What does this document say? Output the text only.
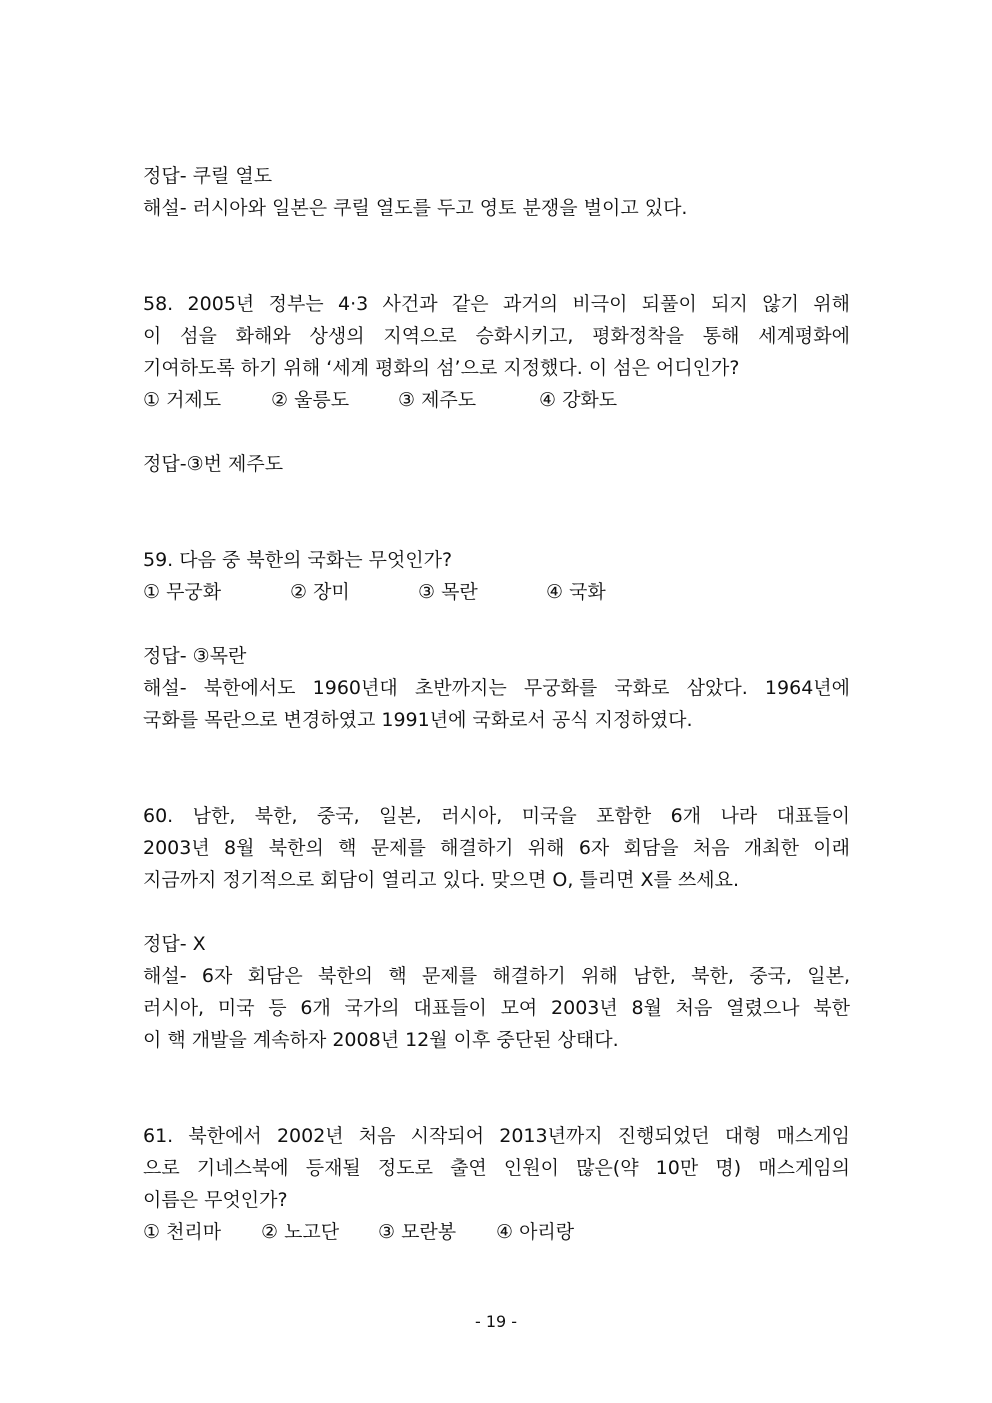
정답- 쿠릴 열도
해설- 러시아와 일본은 쿠릴 열도를 두고 영토 분쟁을 벌이고 있다.
58. 2005년 정부는 4·3 사건과 같은 과거의 비극이 되풀이 되지 않기 위해
이 섬을 화해와 상생의 지역으로 승화시키고, 평화정착을 통해 세계평화에
기여하도록 하기 위해 ‘세계 평화의 섬’으로 지정했다. 이 섬은 어디인가?
① 거제도	② 울릉도	③ 제주도	④ 강화도
정답-③번 제주도
59. 다음 중 북한의 국화는 무엇인가?
① 무궁화	② 장미	③ 목란	④ 국화
정답- ③목란
해설- 북한에서도 1960년대 초반까지는 무궁화를 국화로 삼았다. 1964년에
국화를 목란으로 변경하였고 1991년에 국화로서 공식 지정하였다.
60. 남한, 북한, 중국, 일본, 러시아, 미국을 포함한 6개 나라 대표들이
2003년 8월 북한의 핵 문제를 해결하기 위해 6자 회담을 처음 개최한 이래
지금까지 정기적으로 회담이 열리고 있다. 맞으면 O, 틀리면 X를 쓰세요.
정답- X
해설- 6자 회담은 북한의 핵 문제를 해결하기 위해 남한, 북한, 중국, 일본,
러시아, 미국 등 6개 국가의 대표들이 모여 2003년 8월 처음 열렸으나 북한
이 핵 개발을 계속하자 2008년 12월 이후 중단된 상태다.
61. 북한에서 2002년 처음 시작되어 2013년까지 진행되었던 대형 매스게임
으로 기네스북에 등재될 정도로 출연 인원이 많은(약 10만 명) 매스게임의
이름은 무엇인가?
① 천리마	② 노고단	③ 모란봉	④ 아리랑
- 19 -
